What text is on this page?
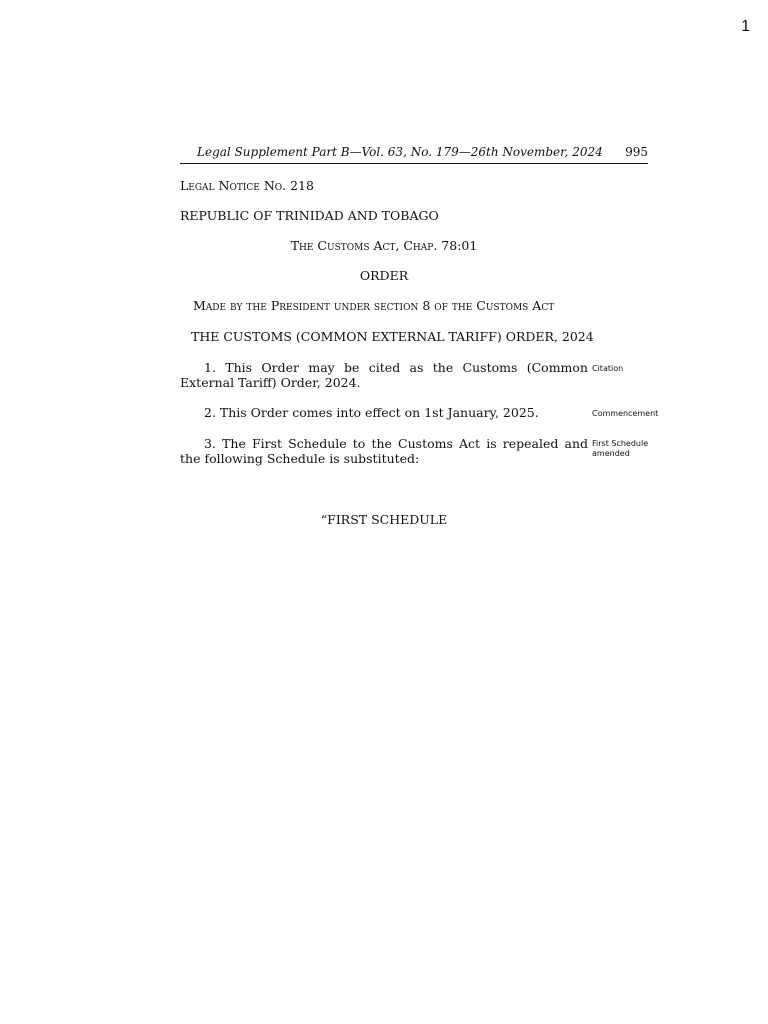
1
Legal Supplement Part B—Vol. 63, No. 179—26th November, 2024 995
Legal Notice No. 218
REPUBLIC OF TRINIDAD AND TOBAGO
The Customs Act, Chap. 78:01
ORDER
Made by the President under section 8 of the Customs Act
THE CUSTOMS (COMMON EXTERNAL TARIFF) ORDER, 2024
1. This Order may be cited as the Customs (Common External Tariff) Order, 2024.
Citation
2. This Order comes into effect on 1st January, 2025.	Commencement
3. The First Schedule to the Customs Act is repealed and the following Schedule is substituted:
First Schedule amended
“FIRST SCHEDULE
